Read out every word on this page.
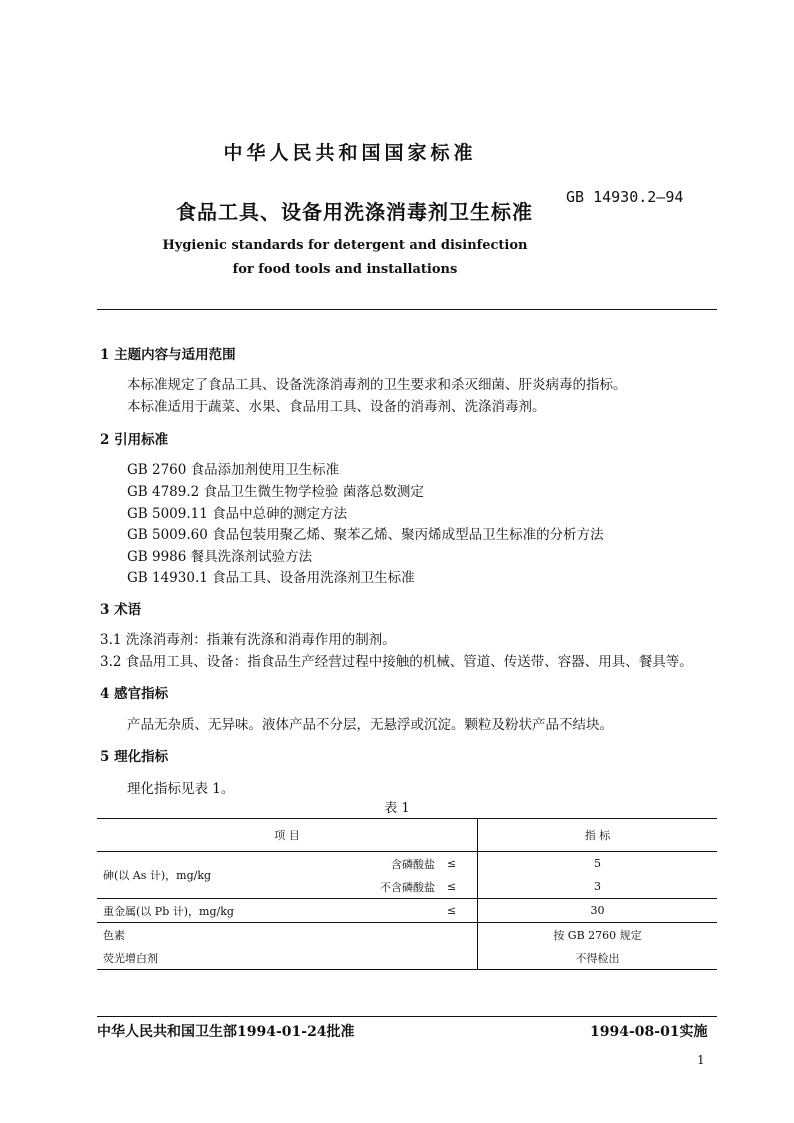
中华人民共和国国家标准
食品工具、设备用洗涤消毒剂卫生标准
GB 14930.2—94
Hygienic standards for detergent and disinfection
for food tools and installations
1 主题内容与适用范围
本标准规定了食品工具、设备洗涤消毒剂的卫生要求和杀灭细菌、肝炎病毒的指标。
本标准适用于蔬菜、水果、食品用工具、设备的消毒剂、洗涤消毒剂。
2 引用标准
GB 2760 食品添加剂使用卫生标准
GB 4789.2 食品卫生微生物学检验 菌落总数测定
GB 5009.11 食品中总砷的测定方法
GB 5009.60 食品包装用聚乙烯、聚苯乙烯、聚丙烯成型品卫生标准的分析方法
GB 9986 餐具洗涤剂试验方法
GB 14930.1 食品工具、设备用洗涤剂卫生标准
3 术语
3.1 洗涤消毒剂：指兼有洗涤和消毒作用的制剂。
3.2 食品用工具、设备：指食品生产经营过程中接触的机械、管道、传送带、容器、用具、餐具等。
4 感官指标
产品无杂质、无异味。液体产品不分层，无悬浮或沉淀。颗粒及粉状产品不结块。
5 理化指标
理化指标见表 1。
表 1
项 目			指 标
砷(以 As 计)，mg/kg	含磷酸盐	≤	5
	不含磷酸盐	≤	3
重金属(以 Pb 计)，mg/kg		≤	30
色素			按 GB 2760 规定
荧光增白剂			不得检出
中华人民共和国卫生部1994-01-24批准	1994-08-01实施
1
